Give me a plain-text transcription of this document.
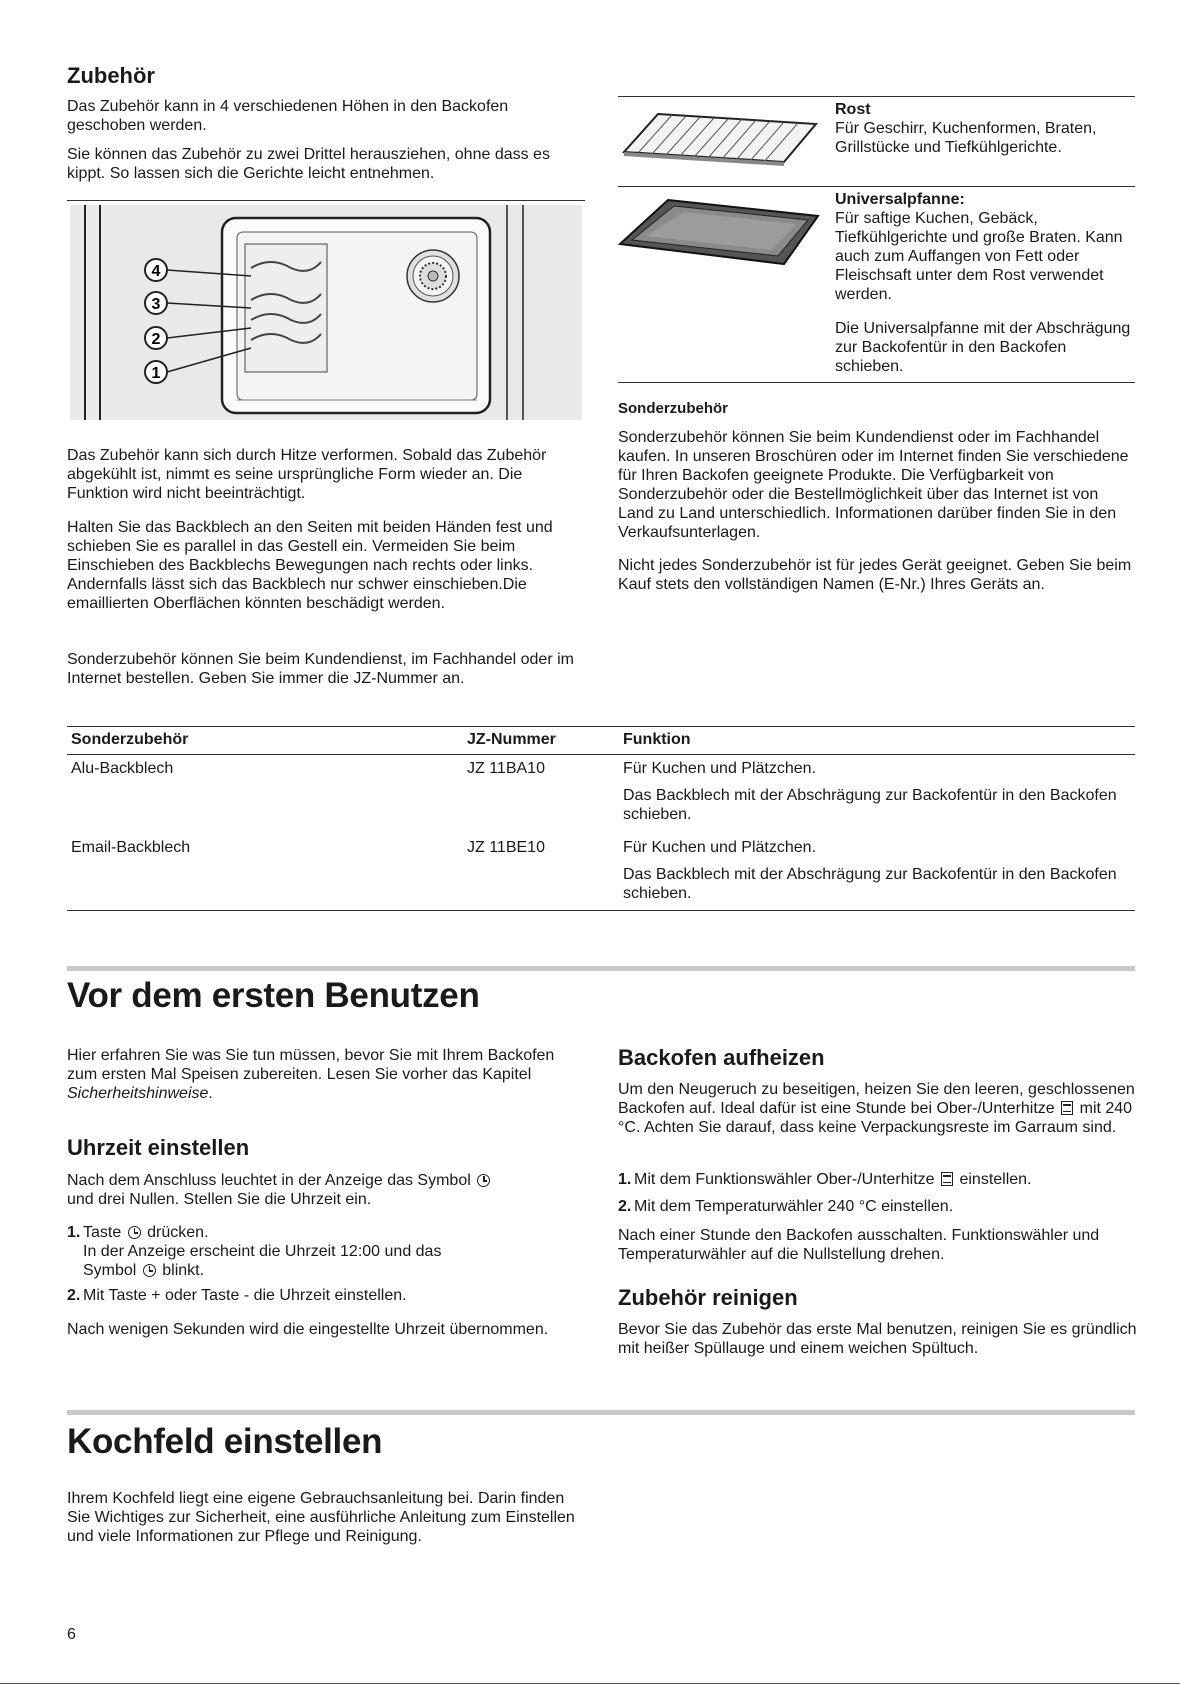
Zubehör

Das Zubehör kann in 4 verschiedenen Höhen in den Backofen geschoben werden.

Sie können das Zubehör zu zwei Drittel herausziehen, ohne dass es kippt. So lassen sich die Gerichte leicht entnehmen.

4
3
2
1

Das Zubehör kann sich durch Hitze verformen. Sobald das Zubehör abgekühlt ist, nimmt es seine ursprüngliche Form wieder an. Die Funktion wird nicht beeinträchtigt.

Halten Sie das Backblech an den Seiten mit beiden Händen fest und schieben Sie es parallel in das Gestell ein. Vermeiden Sie beim Einschieben des Backblechs Bewegungen nach rechts oder links. Andernfalls lässt sich das Backblech nur schwer einschieben.Die emaillierten Oberflächen könnten beschädigt werden.

Sonderzubehör können Sie beim Kundendienst, im Fachhandel oder im Internet bestellen. Geben Sie immer die JZ-Nummer an.

Rost

Für Geschirr, Kuchenformen, Braten, Grillstücke und Tiefkühlgerichte.

Universalpfanne:

Für saftige Kuchen, Gebäck, Tiefkühlgerichte und große Braten. Kann auch zum Auffangen von Fett oder Fleischsaft unter dem Rost verwendet werden.

Die Universalpfanne mit der Abschrägung zur Backofentür in den Backofen schieben.

Sonderzubehör

Sonderzubehör können Sie beim Kundendienst oder im Fachhandel kaufen. In unseren Broschüren oder im Internet finden Sie verschiedene für Ihren Backofen geeignete Produkte. Die Verfügbarkeit von Sonderzubehör oder die Bestellmöglichkeit über das Internet ist von Land zu Land unterschiedlich. Informationen darüber finden Sie in den Verkaufsunterlagen.

Nicht jedes Sonderzubehör ist für jedes Gerät geeignet. Geben Sie beim Kauf stets den vollständigen Namen (E-Nr.) Ihres Geräts an.

Sonderzubehör	JZ-Nummer	Funktion
Alu-Backblech	JZ 11BA10	Für Kuchen und Plätzchen.
Das Backblech mit der Abschrägung zur Backofentür in den Backofen schieben.

Email-Backblech	JZ 11BE10	Für Kuchen und Plätzchen.
Das Backblech mit der Abschrägung zur Backofentür in den Backofen schieben.
Vor dem ersten Benutzen

Hier erfahren Sie was Sie tun müssen, bevor Sie mit Ihrem Backofen zum ersten Mal Speisen zubereiten. Lesen Sie vorher das Kapitel Sicherheitshinweise.

Uhrzeit einstellen

Nach dem Anschluss leuchtet in der Anzeige das Symbol
und drei Nullen. Stellen Sie die Uhrzeit ein.

1. Taste drücken.
In der Anzeige erscheint die Uhrzeit 12:00 und das
Symbol blinkt.
2. Mit Taste + oder Taste - die Uhrzeit einstellen.

Nach wenigen Sekunden wird die eingestellte Uhrzeit übernommen.

Backofen aufheizen

Um den Neugeruch zu beseitigen, heizen Sie den leeren, geschlossenen Backofen auf. Ideal dafür ist eine Stunde bei Ober-/Unterhitze mit 240 °C. Achten Sie darauf, dass keine Verpackungsreste im Garraum sind.

1. Mit dem Funktionswähler Ober-/Unterhitze einstellen.
2. Mit dem Temperaturwähler 240 °C einstellen.

Nach einer Stunde den Backofen ausschalten. Funktionswähler und Temperaturwähler auf die Nullstellung drehen.

Zubehör reinigen

Bevor Sie das Zubehör das erste Mal benutzen, reinigen Sie es gründlich mit heißer Spüllauge und einem weichen Spültuch.

Kochfeld einstellen

Ihrem Kochfeld liegt eine eigene Gebrauchsanleitung bei. Darin finden Sie Wichtiges zur Sicherheit, eine ausführliche Anleitung zum Einstellen und viele Informationen zur Pflege und Reinigung.

6
